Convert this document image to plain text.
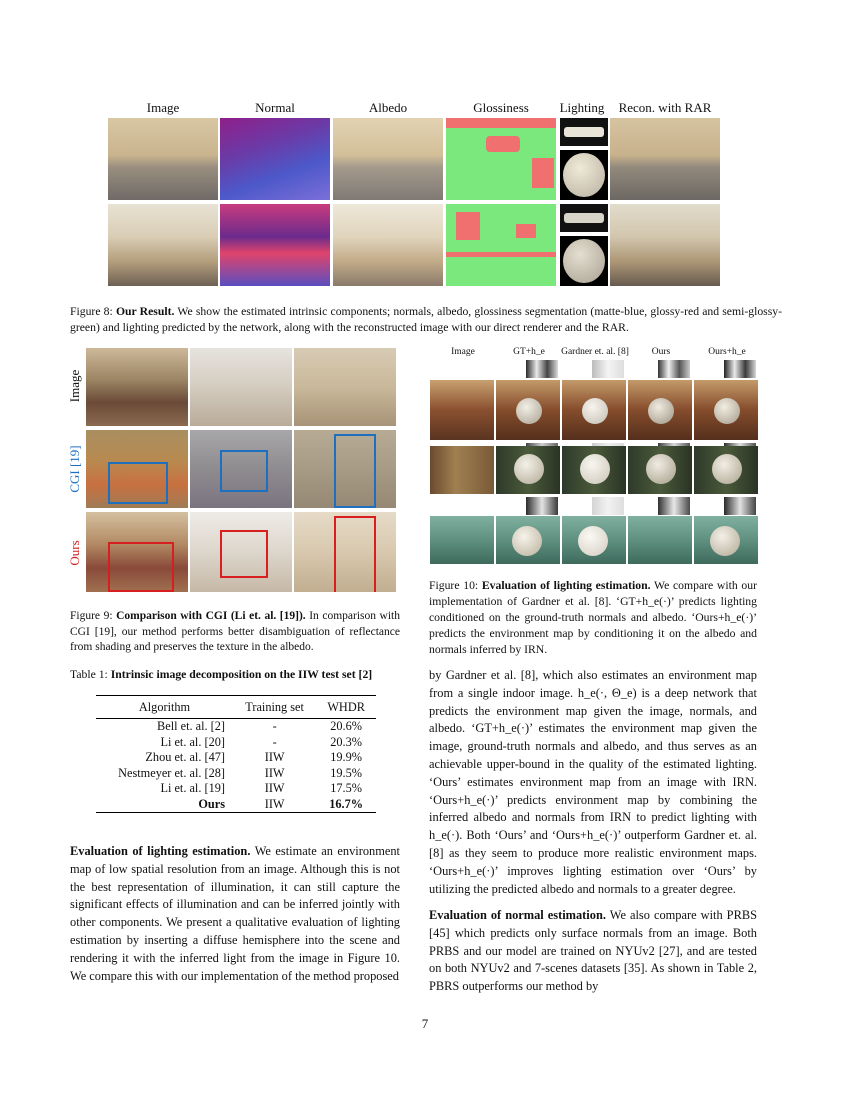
Image	Normal	Albedo	Glossiness	Lighting	Recon. with RAR
Figure 8: Our Result. We show the estimated intrinsic components; normals, albedo, glossiness segmentation (matte-blue, glossy-red and semi-glossy-green) and lighting predicted by the network, along with the reconstructed image with our direct renderer and the RAR.
Image
CGI [19]
Ours
Figure 9: Comparison with CGI (Li et. al. [19]). In comparison with CGI [19], our method performs better disambiguation of reflectance from shading and preserves the texture in the albedo.
Table 1: Intrinsic image decomposition on the IIW test set [2]
Algorithm	Training set	WHDR
Bell et. al. [2]	-	20.6%
Li et. al. [20]	-	20.3%
Zhou et. al. [47]	IIW	19.9%
Nestmeyer et. al. [28]	IIW	19.5%
Li et. al. [19]	IIW	17.5%
Ours	IIW	16.7%
Evaluation of lighting estimation. We estimate an environment map of low spatial resolution from an image. Although this is not the best representation of illumination, it can still capture the significant effects of illumination and can be inferred jointly with other components. We present a qualitative evaluation of lighting estimation by inserting a diffuse hemisphere into the scene and rendering it with the inferred light from the image in Figure 10. We compare this with our implementation of the method proposed
Image	GT+h_e	Gardner et. al. [8]	Ours	Ours+h_e
Figure 10: Evaluation of lighting estimation. We compare with our implementation of Gardner et al. [8]. ‘GT+h_e(·)’ predicts lighting conditioned on the ground-truth normals and albedo. ‘Ours+h_e(·)’ predicts the environment map by conditioning it on the albedo and normals inferred by IRN.
by Gardner et al. [8], which also estimates an environment map from a single indoor image. h_e(·, Θ_e) is a deep network that predicts the environment map given the image, normals, and albedo. ‘GT+h_e(·)’ estimates the environment map given the image, ground-truth normals and albedo, and thus serves as an achievable upper-bound in the quality of the estimated lighting. ‘Ours’ estimates environment map from an image with IRN. ‘Ours+h_e(·)’ predicts environment map by combining the inferred albedo and normals from IRN to predict lighting with h_e(·). Both ‘Ours’ and ‘Ours+h_e(·)’ outperform Gardner et. al. [8] as they seem to produce more realistic environment maps. ‘Ours+h_e(·)’ improves lighting estimation over ‘Ours’ by utilizing the predicted albedo and normals to a greater degree.
Evaluation of normal estimation. We also compare with PRBS [45] which predicts only surface normals from an image. Both PRBS and our model are trained on NYUv2 [27], and are tested on both NYUv2 and 7-scenes datasets [35]. As shown in Table 2, PBRS outperforms our method by
7
